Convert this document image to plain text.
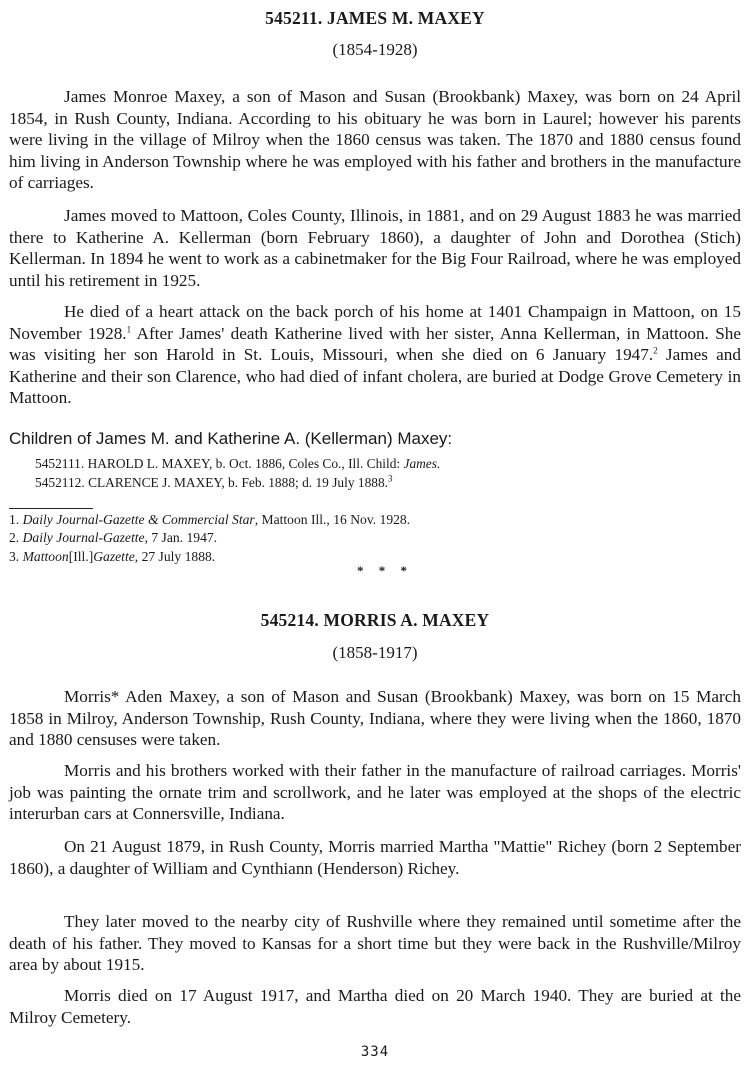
545211. JAMES M. MAXEY
(1854-1928)

James Monroe Maxey, a son of Mason and Susan (Brookbank) Maxey, was born on 24 April 1854, in Rush County, Indiana. According to his obituary he was born in Laurel; however his parents were living in the village of Milroy when the 1860 census was taken. The 1870 and 1880 census found him living in Anderson Township where he was employed with his father and brothers in the manufacture of carriages.

James moved to Mattoon, Coles County, Illinois, in 1881, and on 29 August 1883 he was married there to Katherine A. Kellerman (born February 1860), a daughter of John and Dorothea (Stich) Kellerman. In 1894 he went to work as a cabinetmaker for the Big Four Railroad, where he was employed until his retirement in 1925.

He died of a heart attack on the back porch of his home at 1401 Champaign in Mattoon, on 15 November 1928.$^1$ After James' death Katherine lived with her sister, Anna Kellerman, in Mattoon. She was visiting her son Harold in St. Louis, Missouri, when she died on 6 January 1947.$^2$ James and Katherine and their son Clarence, who had died of infant cholera, are buried at Dodge Grove Cemetery in Mattoon.

Children of James M. and Katherine A. (Kellerman) Maxey:
5452111. HAROLD L. MAXEY, b. Oct. 1886, Coles Co., Ill. Child: James.
5452112. CLARENCE J. MAXEY, b. Feb. 1888; d. 19 July 1888.$^3$
1. Daily Journal-Gazette & Commercial Star, Mattoon Ill., 16 Nov. 1928.
2. Daily Journal-Gazette, 7 Jan. 1947.
3. Mattoon[Ill.]Gazette, 27 July 1888.
* * *
545214. MORRIS A. MAXEY
(1858-1917)

Morris* Aden Maxey, a son of Mason and Susan (Brookbank) Maxey, was born on 15 March 1858 in Milroy, Anderson Township, Rush County, Indiana, where they were living when the 1860, 1870 and 1880 censuses were taken.

Morris and his brothers worked with their father in the manufacture of railroad carriages. Morris' job was painting the ornate trim and scrollwork, and he later was employed at the shops of the electric interurban cars at Connersville, Indiana.

On 21 August 1879, in Rush County, Morris married Martha "Mattie" Richey (born 2 September 1860), a daughter of William and Cynthiann (Henderson) Richey.

They later moved to the nearby city of Rushville where they remained until sometime after the death of his father. They moved to Kansas for a short time but they were back in the Rushville/Milroy area by about 1915.

Morris died on 17 August 1917, and Martha died on 20 March 1940. They are buried at the Milroy Cemetery.

334
